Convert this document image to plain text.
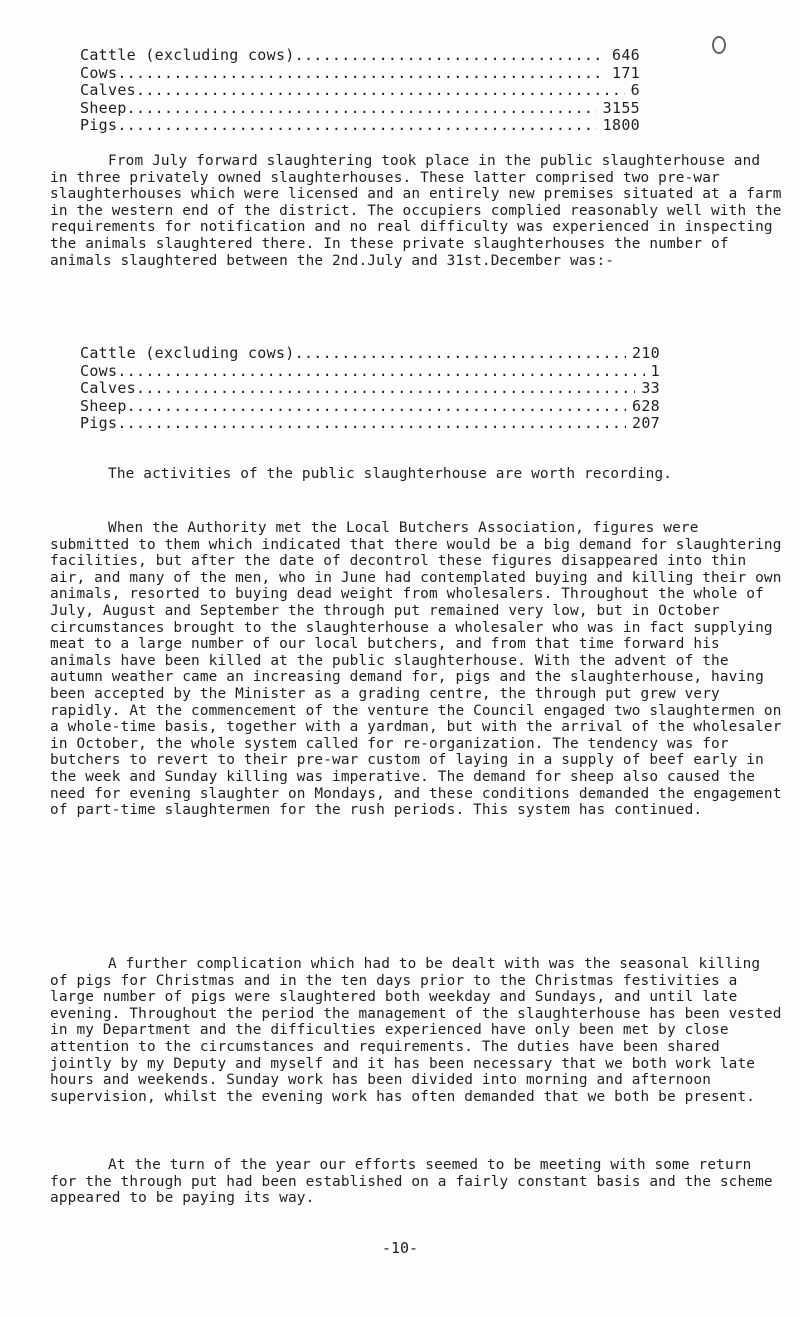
Cattle (excluding cows) .....	646
Cows .....	171
Calves .....	6
Sheep .....	3155
Pigs .....	1800

From July forward slaughtering took place in the public slaughterhouse and in three privately owned slaughterhouses. These latter comprised two pre-war slaughterhouses which were licensed and an entirely new premises situated at a farm in the western end of the district. The occupiers complied reasonably well with the requirements for notification and no real difficulty was experienced in inspecting the animals slaughtered there. In these private slaughterhouses the number of animals slaughtered between the 2nd.July and 31st.December was:-

Cattle (excluding cows) .....	210
Cows .....	1
Calves .....	33
Sheep .....	628
Pigs .....	207

The activities of the public slaughterhouse are worth recording.

When the Authority met the Local Butchers Association, figures were submitted to them which indicated that there would be a big demand for slaughtering facilities, but after the date of decontrol these figures disappeared into thin air, and many of the men, who in June had contemplated buying and killing their own animals, resorted to buying dead weight from wholesalers. Throughout the whole of July, August and September the through put remained very low, but in October circumstances brought to the slaughterhouse a wholesaler who was in fact supplying meat to a large number of our local butchers, and from that time forward his animals have been killed at the public slaughterhouse. With the advent of the autumn weather came an increasing demand for, pigs and the slaughterhouse, having been accepted by the Minister as a grading centre, the through put grew very rapidly. At the commencement of the venture the Council engaged two slaughtermen on a whole-time basis, together with a yardman, but with the arrival of the wholesaler in October, the whole system called for re-organization. The tendency was for butchers to revert to their pre-war custom of laying in a supply of beef early in the week and Sunday killing was imperative. The demand for sheep also caused the need for evening slaughter on Mondays, and these conditions demanded the engagement of part-time slaughtermen for the rush periods. This system has continued.

A further complication which had to be dealt with was the seasonal killing of pigs for Christmas and in the ten days prior to the Christmas festivities a large number of pigs were slaughtered both weekday and Sundays, and until late evening. Throughout the period the management of the slaughterhouse has been vested in my Department and the difficulties experienced have only been met by close attention to the circumstances and requirements. The duties have been shared jointly by my Deputy and myself and it has been necessary that we both work late hours and weekends. Sunday work has been divided into morning and afternoon supervision, whilst the evening work has often demanded that we both be present.

At the turn of the year our efforts seemed to be meeting with some return for the through put had been established on a fairly constant basis and the scheme appeared to be paying its way.

-10-
